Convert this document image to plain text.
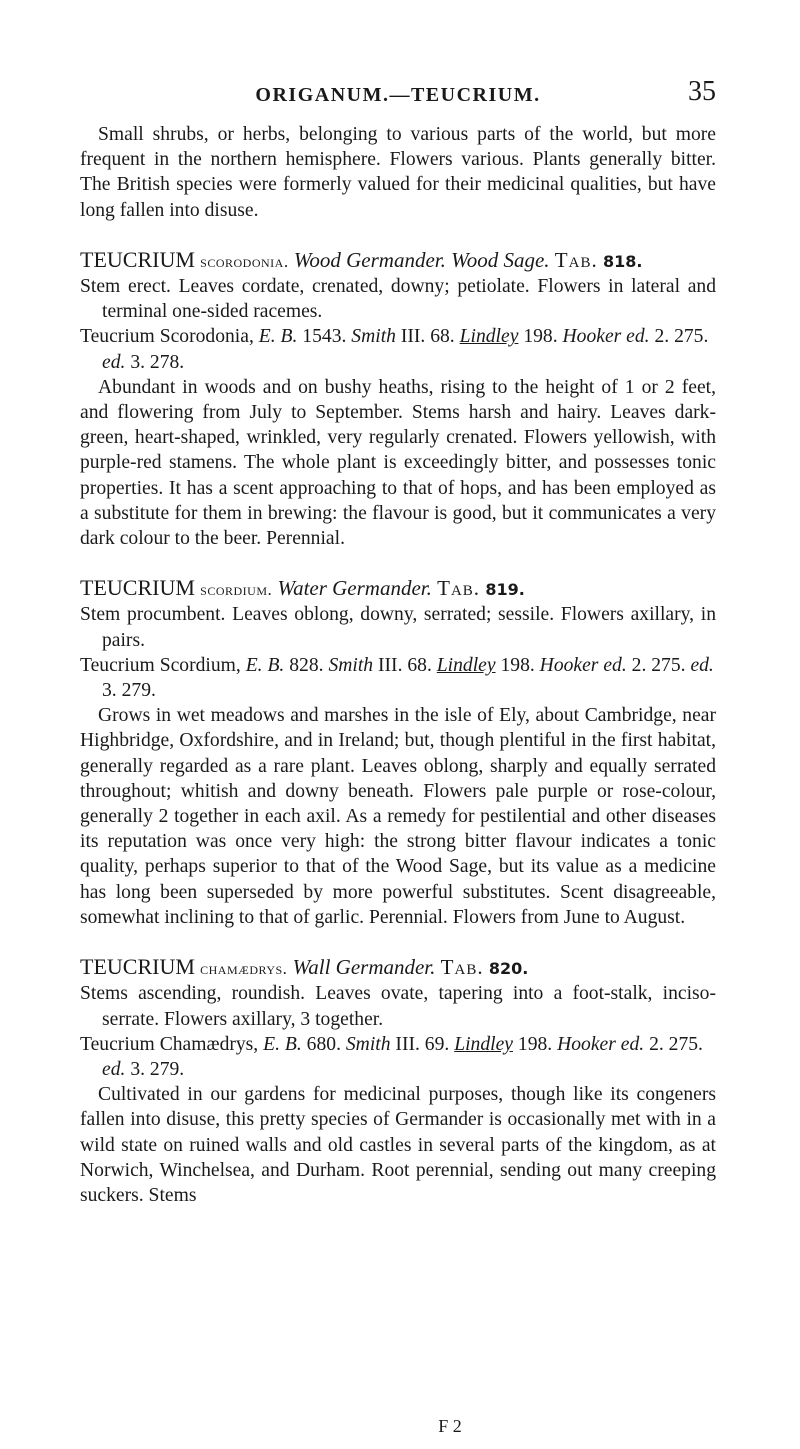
ORIGANUM.—TEUCRIUM.	35

Small shrubs, or herbs, belonging to various parts of the world, but more frequent in the northern hemisphere. Flowers various. Plants generally bitter. The British species were formerly valued for their medicinal qualities, but have long fallen into disuse.

TEUCRIUM scorodonia. Wood Germander. Wood Sage. Tab. 818.

Stem erect. Leaves cordate, crenated, downy; petiolate. Flowers in lateral and terminal one-sided racemes.

Teucrium Scorodonia, E. B. 1543. Smith III. 68. Lindley 198. Hooker ed. 2. 275. ed. 3. 278.

Abundant in woods and on bushy heaths, rising to the height of 1 or 2 feet, and flowering from July to September. Stems harsh and hairy. Leaves dark-green, heart-shaped, wrinkled, very regularly crenated. Flowers yellowish, with purple-red stamens. The whole plant is exceedingly bitter, and possesses tonic properties. It has a scent approaching to that of hops, and has been employed as a substitute for them in brewing: the flavour is good, but it communicates a very dark colour to the beer. Perennial.

TEUCRIUM scordium. Water Germander. Tab. 819.

Stem procumbent. Leaves oblong, downy, serrated; sessile. Flowers axillary, in pairs.

Teucrium Scordium, E. B. 828. Smith III. 68. Lindley 198. Hooker ed. 2. 275. ed. 3. 279.

Grows in wet meadows and marshes in the isle of Ely, about Cambridge, near Highbridge, Oxfordshire, and in Ireland; but, though plentiful in the first habitat, generally regarded as a rare plant. Leaves oblong, sharply and equally serrated throughout; whitish and downy beneath. Flowers pale purple or rose-colour, generally 2 together in each axil. As a remedy for pestilential and other diseases its reputation was once very high: the strong bitter flavour indicates a tonic quality, perhaps superior to that of the Wood Sage, but its value as a medicine has long been superseded by more powerful substitutes. Scent disagreeable, somewhat inclining to that of garlic. Perennial. Flowers from June to August.

TEUCRIUM chamædrys. Wall Germander. Tab. 820.

Stems ascending, roundish. Leaves ovate, tapering into a foot-stalk, inciso-serrate. Flowers axillary, 3 together.

Teucrium Chamædrys, E. B. 680. Smith III. 69. Lindley 198. Hooker ed. 2. 275. ed. 3. 279.

Cultivated in our gardens for medicinal purposes, though like its congeners fallen into disuse, this pretty species of Germander is occasionally met with in a wild state on ruined walls and old castles in several parts of the kingdom, as at Norwich, Winchelsea, and Durham. Root perennial, sending out many creeping suckers. Stems

F 2
